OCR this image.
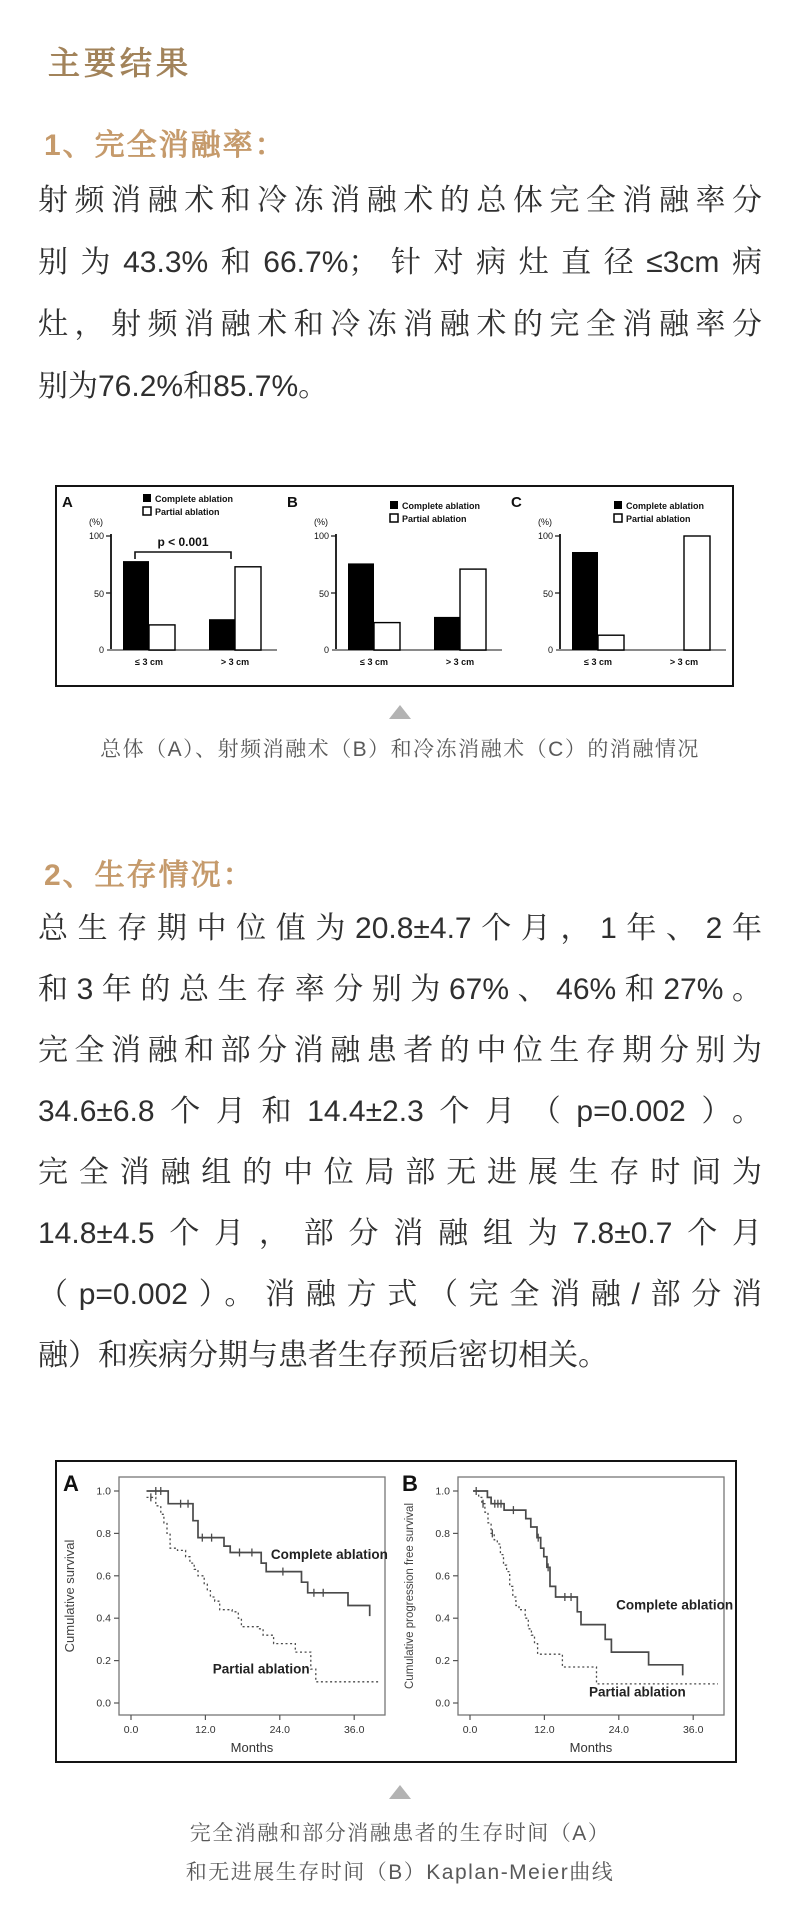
主要结果
1、完全消融率：
射频消融术和冷冻消融术的总体完全消融率分
别为43.3%和66.7%；针对病灶直径≤3cm病
灶，射频消融术和冷冻消融术的完全消融率分
别为76.2%和85.7%。
A
(%)
100
50
0
≤ 3 cm	> 3 cm
Complete ablation
Partial ablation
p < 0.001
B
(%)
100
50
0
≤ 3 cm	> 3 cm
Complete ablation
Partial ablation
C
(%)
100
50
0
≤ 3 cm	> 3 cm
Complete ablation
Partial ablation
总体（A）、射频消融术（B）和冷冻消融术（C）的消融情况
2、生存情况：
总生存期中位值为20.8±4.7个月，1年、2年
和3年的总生存率分别为67%、46%和27%。
完全消融和部分消融患者的中位生存期分别为
34.6±6.8个月和14.4±2.3个月（p=0.002）。
完全消融组的中位局部无进展生存时间为
14.8±4.5个月，部分消融组为7.8±0.7个月
（p=0.002）。消融方式（完全消融/部分消
融）和疾病分期与患者生存预后密切相关。
A 1.0
0.8
0.6
0.4
0.2
0.0
0.0	12.0	24.0	36.0
Months
Cumulative survival	Complete ablation
Partial ablation
B 1.0
0.8
0.6
0.4
0.2
0.0
0.0	12.0	24.0	36.0
Months
Cumulative progression free survival	Complete ablation
Partial ablation
完全消融和部分消融患者的生存时间（A）
和无进展生存时间（B）Kaplan-Meier曲线
